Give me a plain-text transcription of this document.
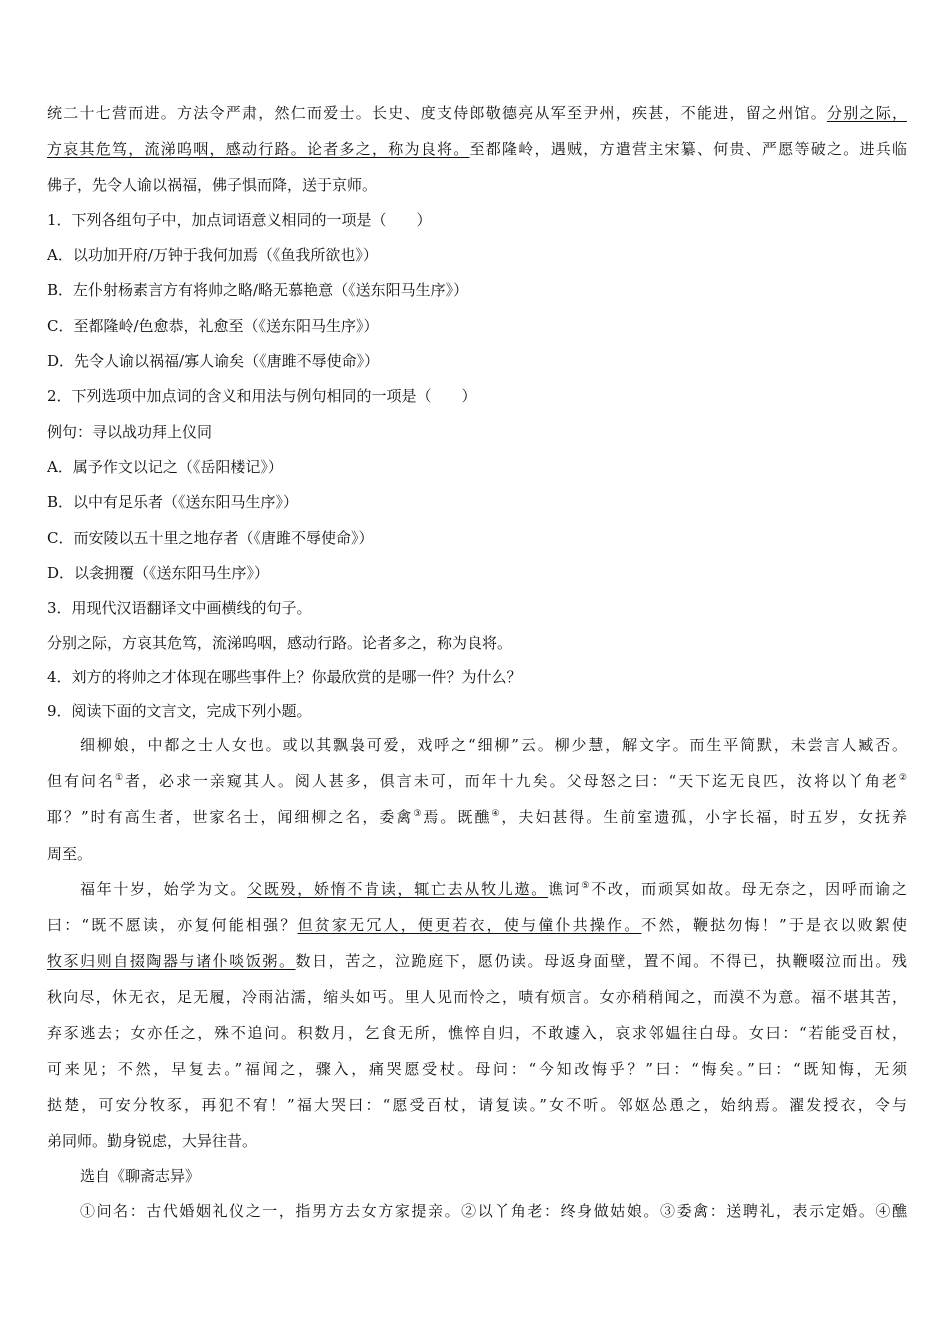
统二十七营而进。方法令严肃，然仁而爱士。长史、度支侍郎敬德亮从军至尹州，疾甚，不能进，留之州馆。分别之际，
方哀其危笃，流涕呜咽，感动行路。论者多之，称为良将。至都隆岭，遇贼，方遣营主宋纂、何贵、严愿等破之。进兵临
佛子，先令人谕以祸福，佛子惧而降，送于京师。
1．下列各组句子中，加点词语意义相同的一项是（　　）
A．以功加开府/万钟于我何加焉（《鱼我所欲也》）
B．左仆射杨素言方有将帅之略/略无慕艳意（《送东阳马生序》）
C．至都隆岭/色愈恭，礼愈至（《送东阳马生序》）
D．先令人谕以祸福/寡人谕矣（《唐雎不辱使命》）
2．下列选项中加点词的含义和用法与例句相同的一项是（　　）
例句：寻以战功拜上仪同
A．属予作文以记之（《岳阳楼记》）
B．以中有足乐者（《送东阳马生序》）
C．而安陵以五十里之地存者（《唐雎不辱使命》）
D．以衾拥覆（《送东阳马生序》）
3．用现代汉语翻译文中画横线的句子。
分别之际，方哀其危笃，流涕呜咽，感动行路。论者多之，称为良将。
4．刘方的将帅之才体现在哪些事件上？你最欣赏的是哪一件？为什么？
9．阅读下面的文言文，完成下列小题。
细柳娘，中都之士人女也。或以其飘袅可爱，戏呼之“细柳”云。柳少慧，解文字。而生平简默，未尝言人臧否。
但有问名①者，必求一亲窥其人。阅人甚多，俱言未可，而年十九矣。父母怒之曰：“天下迄无良匹，汝将以丫角老②
耶？”时有高生者，世家名士，闻细柳之名，委禽③焉。既醮④，夫妇甚得。生前室遗孤，小字长福，时五岁，女抚养
周至。
福年十岁，始学为文。父既殁，娇惰不肯读，辄亡去从牧儿遨。谯诃⑤不改，而顽冥如故。母无奈之，因呼而谕之
曰：“既不愿读，亦复何能相强？但贫家无冗人，便更若衣，使与僮仆共操作。不然，鞭挞勿悔！”于是衣以败絮使
牧豕归则自掇陶器与诸仆啖饭粥。数日，苦之，泣跪庭下，愿仍读。母返身面壁，置不闻。不得已，执鞭啜泣而出。残
秋向尽，休无衣，足无履，冷雨沾濡，缩头如丐。里人见而怜之，啧有烦言。女亦稍稍闻之，而漠不为意。福不堪其苦，
弃豕逃去；女亦任之，殊不追问。积数月，乞食无所，憔悴自归，不敢遽入，哀求邻媪往白母。女曰：“若能受百杖，
可来见；不然，早复去。”福闻之，骤入，痛哭愿受杖。母问：“今知改悔乎？”曰：“悔矣。”曰：“既知悔，无须
挞楚，可安分牧豕，再犯不宥！”福大哭曰：“愿受百杖，请复读。”女不听。邻妪怂恿之，始纳焉。濯发授衣，令与
弟同师。勤身锐虑，大异往昔。
选自《聊斋志异》
①问名：古代婚姻礼仪之一，指男方去女方家提亲。②以丫角老：终身做姑娘。③委禽：送聘礼，表示定婚。④醮
